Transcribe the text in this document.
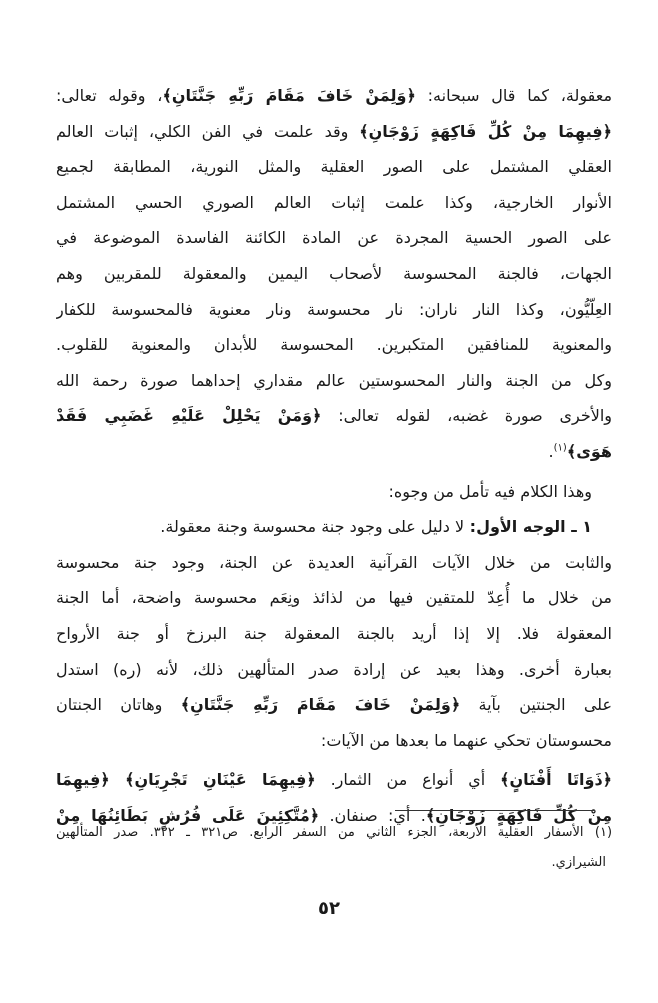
معقولة، كما قال سبحانه: ﴿وَلِمَنْ خَافَ مَقَامَ رَبِّهِ جَنَّتَانِ﴾، وقوله تعالى:
﴿فِيهِمَا مِنْ كُلِّ فَاكِهَةٍ زَوْجَانِ﴾ وقد علمت في الفن الكلي، إثبات العالم
العقلي المشتمل على الصور العقلية والمثل النورية، المطابقة لجميع
الأنوار الخارجية، وكذا علمت إثبات العالم الصوري الحسي المشتمل
على الصور الحسية المجردة عن المادة الكائنة الفاسدة الموضوعة في
الجهات، فالجنة المحسوسة لأصحاب اليمين والمعقولة للمقربين وهم
العِلّيُّون، وكذا النار ناران: نار محسوسة ونار معنوية فالمحسوسة للكفار
والمعنوية للمنافقين المتكبرين. المحسوسة للأبدان والمعنوية للقلوب.
وكل من الجنة والنار المحسوستين عالم مقداري إحداهما صورة رحمة الله
والأخرى صورة غضبه، لقوله تعالى: ﴿وَمَنْ يَحْلِلْ عَلَيْهِ غَضَبِي فَقَدْ
هَوَى﴾$^{(١)}$.
وهذا الكلام فيه تأمل من وجوه:
١ ـ الوجه الأول: لا دليل على وجود جنة محسوسة وجنة معقولة.
والثابت من خلال الآيات القرآنية العديدة عن الجنة، وجود جنة محسوسة
من خلال ما أُعِدّ للمتقين فيها من لذائذ ونِعَم محسوسة واضحة، أما الجنة
المعقولة فلا. إلا إذا أريد بالجنة المعقولة جنة البرزخ أو جنة الأرواح
بعبارة أخرى. وهذا بعيد عن إرادة صدر المتألهين ذلك، لأنه (ره) استدل
على الجنتين بآية ﴿وَلِمَنْ خَافَ مَقَامَ رَبِّهِ جَنَّتَانِ﴾ وهاتان الجنتان
محسوستان تحكي عنهما ما بعدها من الآيات:
﴿ذَوَاتَا أَفْنَانٍ﴾ أي أنواع من الثمار. ﴿فِيهِمَا عَيْنَانِ تَجْرِيَانِ﴾ ﴿فِيهِمَا
مِنْ كُلِّ فَاكِهَةٍ زَوْجَانِ﴾. أي: صنفان. ﴿مُتَّكِئِينَ عَلَى فُرُشٍ بَطَائِنُهَا مِنْ
(١) الأسفار العقلية الأربعة، الجزء الثاني من السفر الرابع. ص٣٢١ ـ ٣٢٢. صدر المتألهين
الشيرازي.
٥٢
